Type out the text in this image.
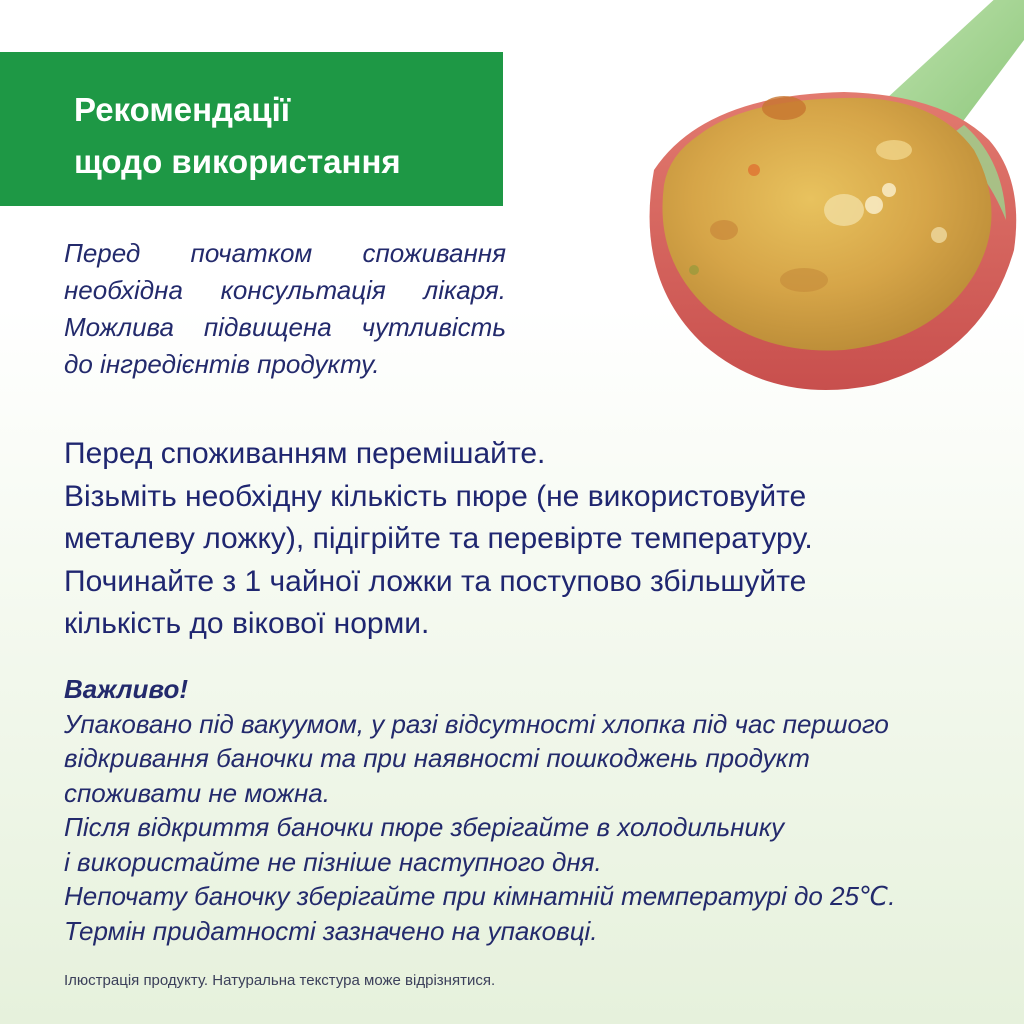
Рекомендації
щодо використання

Перед початком споживання
необхідна консультація лікаря.
Можлива підвищена чутливість
до інгредієнтів продукту.

Перед споживанням перемішайте.
Візьміть необхідну кількість пюре (не використовуйте
металеву ложку), підігрійте та перевірте температуру.
Починайте з 1 чайної ложки та поступово збільшуйте
кількість до вікової норми.

Важливо!
Упаковано під вакуумом, у разі відсутності хлопка під час першого
відкривання баночки та при наявності пошкоджень продукт
споживати не можна.
Після відкриття баночки пюре зберігайте в холодильнику
і використайте не пізніше наступного дня.
Непочату баночку зберігайте при кімнатній температурі до 25℃.
Термін придатності зазначено на упаковці.

Ілюстрація продукту. Натуральна текстура може відрізнятися.
